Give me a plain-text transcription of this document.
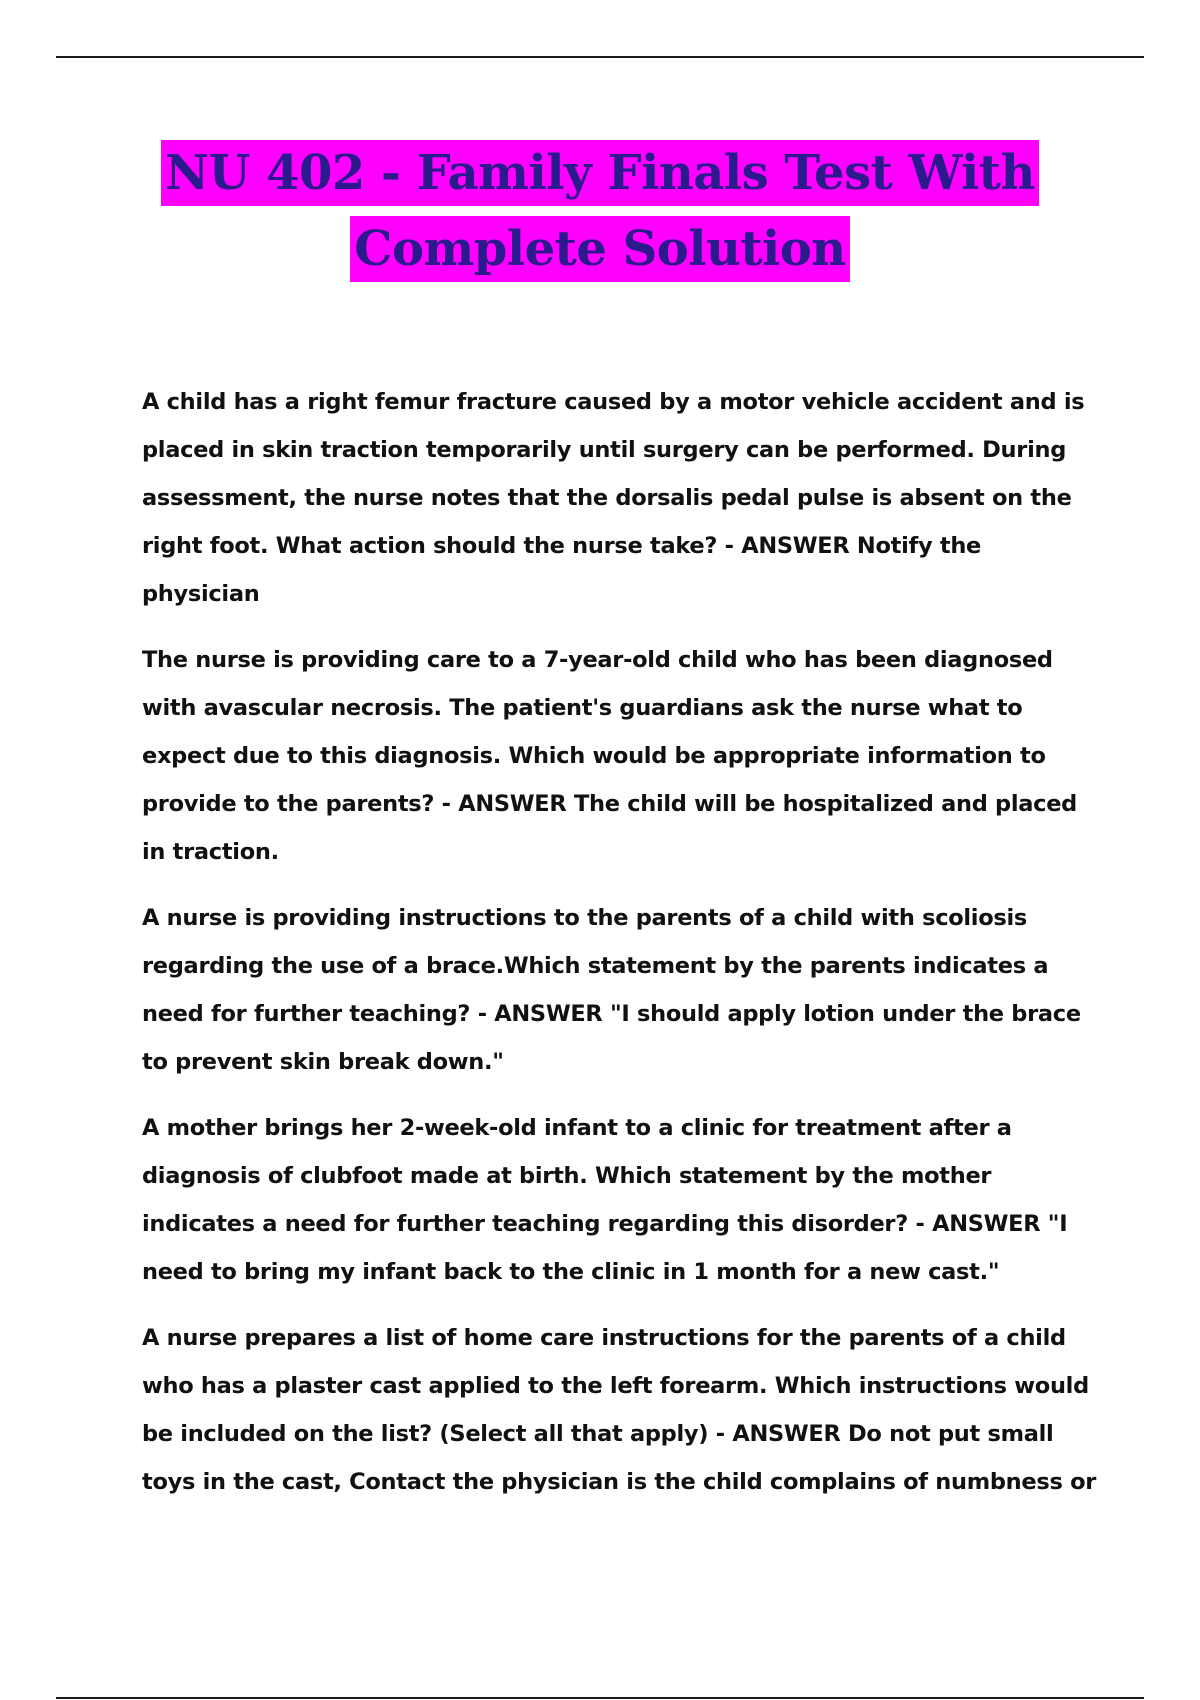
NU 402 - Family Finals Test With
Complete Solution

A child has a right femur fracture caused by a motor vehicle accident and is placed in skin traction temporarily until surgery can be performed. During assessment, the nurse notes that the dorsalis pedal pulse is absent on the right foot. What action should the nurse take? - ANSWER Notify the physician

The nurse is providing care to a 7-year-old child who has been diagnosed with avascular necrosis. The patient's guardians ask the nurse what to expect due to this diagnosis. Which would be appropriate information to provide to the parents? - ANSWER The child will be hospitalized and placed in traction.

A nurse is providing instructions to the parents of a child with scoliosis regarding the use of a brace.Which statement by the parents indicates a need for further teaching? - ANSWER "I should apply lotion under the brace to prevent skin break down."

A mother brings her 2-week-old infant to a clinic for treatment after a diagnosis of clubfoot made at birth. Which statement by the mother indicates a need for further teaching regarding this disorder? - ANSWER "I need to bring my infant back to the clinic in 1 month for a new cast."

A nurse prepares a list of home care instructions for the parents of a child who has a plaster cast applied to the left forearm. Which instructions would be included on the list? (Select all that apply) - ANSWER Do not put small toys in the cast, Contact the physician is the child complains of numbness or
